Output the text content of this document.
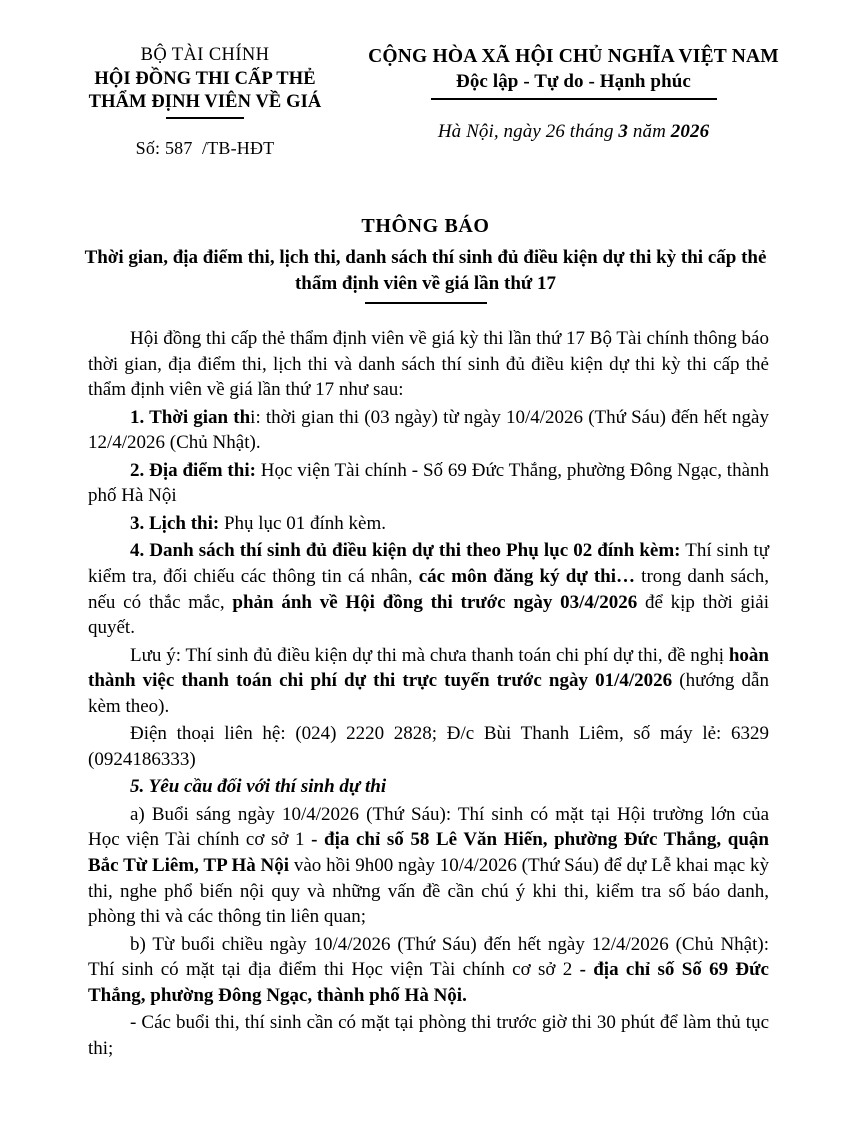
BỘ TÀI CHÍNH
HỘI ĐỒNG THI CẤP THẺ
THẨM ĐỊNH VIÊN VỀ GIÁ
Số: 587 /TB-HĐT
CỘNG HÒA XÃ HỘI CHỦ NGHĨA VIỆT NAM
Độc lập - Tự do - Hạnh phúc
Hà Nội, ngày 26 tháng 3 năm 2026
THÔNG BÁO
Thời gian, địa điểm thi, lịch thi, danh sách thí sinh đủ điều kiện dự thi kỳ thi cấp thẻ thẩm định viên về giá lần thứ 17

Hội đồng thi cấp thẻ thẩm định viên về giá kỳ thi lần thứ 17 Bộ Tài chính thông báo thời gian, địa điểm thi, lịch thi và danh sách thí sinh đủ điều kiện dự thi kỳ thi cấp thẻ thẩm định viên về giá lần thứ 17 như sau:

1. Thời gian thi: thời gian thi (03 ngày) từ ngày 10/4/2026 (Thứ Sáu) đến hết ngày 12/4/2026 (Chủ Nhật).

2. Địa điểm thi: Học viện Tài chính - Số 69 Đức Thắng, phường Đông Ngạc, thành phố Hà Nội

3. Lịch thi: Phụ lục 01 đính kèm.

4. Danh sách thí sinh đủ điều kiện dự thi theo Phụ lục 02 đính kèm: Thí sinh tự kiểm tra, đối chiếu các thông tin cá nhân, các môn đăng ký dự thi… trong danh sách, nếu có thắc mắc, phản ánh về Hội đồng thi trước ngày 03/4/2026 để kịp thời giải quyết.

Lưu ý: Thí sinh đủ điều kiện dự thi mà chưa thanh toán chi phí dự thi, đề nghị hoàn thành việc thanh toán chi phí dự thi trực tuyến trước ngày 01/4/2026 (hướng dẫn kèm theo).

Điện thoại liên hệ: (024) 2220 2828; Đ/c Bùi Thanh Liêm, số máy lẻ: 6329 (0924186333)

5. Yêu cầu đối với thí sinh dự thi

a) Buổi sáng ngày 10/4/2026 (Thứ Sáu): Thí sinh có mặt tại Hội trường lớn của Học viện Tài chính cơ sở 1 - địa chỉ số 58 Lê Văn Hiến, phường Đức Thắng, quận Bắc Từ Liêm, TP Hà Nội vào hồi 9h00 ngày 10/4/2026 (Thứ Sáu) để dự Lễ khai mạc kỳ thi, nghe phổ biến nội quy và những vấn đề cần chú ý khi thi, kiểm tra số báo danh, phòng thi và các thông tin liên quan;

b) Từ buổi chiều ngày 10/4/2026 (Thứ Sáu) đến hết ngày 12/4/2026 (Chủ Nhật): Thí sinh có mặt tại địa điểm thi Học viện Tài chính cơ sở 2 - địa chỉ số Số 69 Đức Thắng, phường Đông Ngạc, thành phố Hà Nội.

- Các buổi thi, thí sinh cần có mặt tại phòng thi trước giờ thi 30 phút để làm thủ tục thi;
